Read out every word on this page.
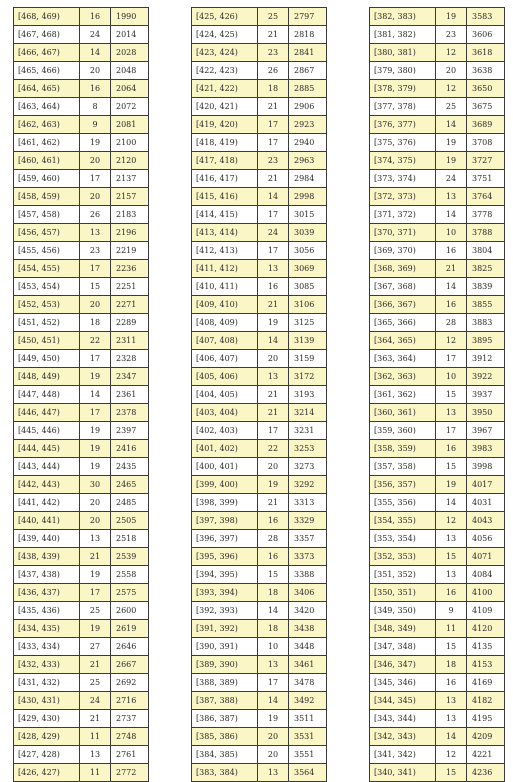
[468, 469)	16	1990
[467, 468)	24	2014
[466, 467)	14	2028
[465, 466)	20	2048
[464, 465)	16	2064
[463, 464)	8	2072
[462, 463)	9	2081
[461, 462)	19	2100
[460, 461)	20	2120
[459, 460)	17	2137
[458, 459)	20	2157
[457, 458)	26	2183
[456, 457)	13	2196
[455, 456)	23	2219
[454, 455)	17	2236
[453, 454)	15	2251
[452, 453)	20	2271
[451, 452)	18	2289
[450, 451)	22	2311
[449, 450)	17	2328
[448, 449)	19	2347
[447, 448)	14	2361
[446, 447)	17	2378
[445, 446)	19	2397
[444, 445)	19	2416
[443, 444)	19	2435
[442, 443)	30	2465
[441, 442)	20	2485
[440, 441)	20	2505
[439, 440)	13	2518
[438, 439)	21	2539
[437, 438)	19	2558
[436, 437)	17	2575
[435, 436)	25	2600
[434, 435)	19	2619
[433, 434)	27	2646
[432, 433)	21	2667
[431, 432)	25	2692
[430, 431)	24	2716
[429, 430)	21	2737
[428, 429)	11	2748
[427, 428)	13	2761
[426, 427)	11	2772
[425, 426)	25	2797
[424, 425)	21	2818
[423, 424)	23	2841
[422, 423)	26	2867
[421, 422)	18	2885
[420, 421)	21	2906
[419, 420)	17	2923
[418, 419)	17	2940
[417, 418)	23	2963
[416, 417)	21	2984
[415, 416)	14	2998
[414, 415)	17	3015
[413, 414)	24	3039
[412, 413)	17	3056
[411, 412)	13	3069
[410, 411)	16	3085
[409, 410)	21	3106
[408, 409)	19	3125
[407, 408)	14	3139
[406, 407)	20	3159
[405, 406)	13	3172
[404, 405)	21	3193
[403, 404)	21	3214
[402, 403)	17	3231
[401, 402)	22	3253
[400, 401)	20	3273
[399, 400)	19	3292
[398, 399)	21	3313
[397, 398)	16	3329
[396, 397)	28	3357
[395, 396)	16	3373
[394, 395)	15	3388
[393, 394)	18	3406
[392, 393)	14	3420
[391, 392)	18	3438
[390, 391)	10	3448
[389, 390)	13	3461
[388, 389)	17	3478
[387, 388)	14	3492
[386, 387)	19	3511
[385, 386)	20	3531
[384, 385)	20	3551
[383, 384)	13	3564
[382, 383)	19	3583
[381, 382)	23	3606
[380, 381)	12	3618
[379, 380)	20	3638
[378, 379)	12	3650
[377, 378)	25	3675
[376, 377)	14	3689
[375, 376)	19	3708
[374, 375)	19	3727
[373, 374)	24	3751
[372, 373)	13	3764
[371, 372)	14	3778
[370, 371)	10	3788
[369, 370)	16	3804
[368, 369)	21	3825
[367, 368)	14	3839
[366, 367)	16	3855
[365, 366)	28	3883
[364, 365)	12	3895
[363, 364)	17	3912
[362, 363)	10	3922
[361, 362)	15	3937
[360, 361)	13	3950
[359, 360)	17	3967
[358, 359)	16	3983
[357, 358)	15	3998
[356, 357)	19	4017
[355, 356)	14	4031
[354, 355)	12	4043
[353, 354)	13	4056
[352, 353)	15	4071
[351, 352)	13	4084
[350, 351)	16	4100
[349, 350)	9	4109
[348, 349)	11	4120
[347, 348)	15	4135
[346, 347)	18	4153
[345, 346)	16	4169
[344, 345)	13	4182
[343, 344)	13	4195
[342, 343)	14	4209
[341, 342)	12	4221
[340, 341)	15	4236
